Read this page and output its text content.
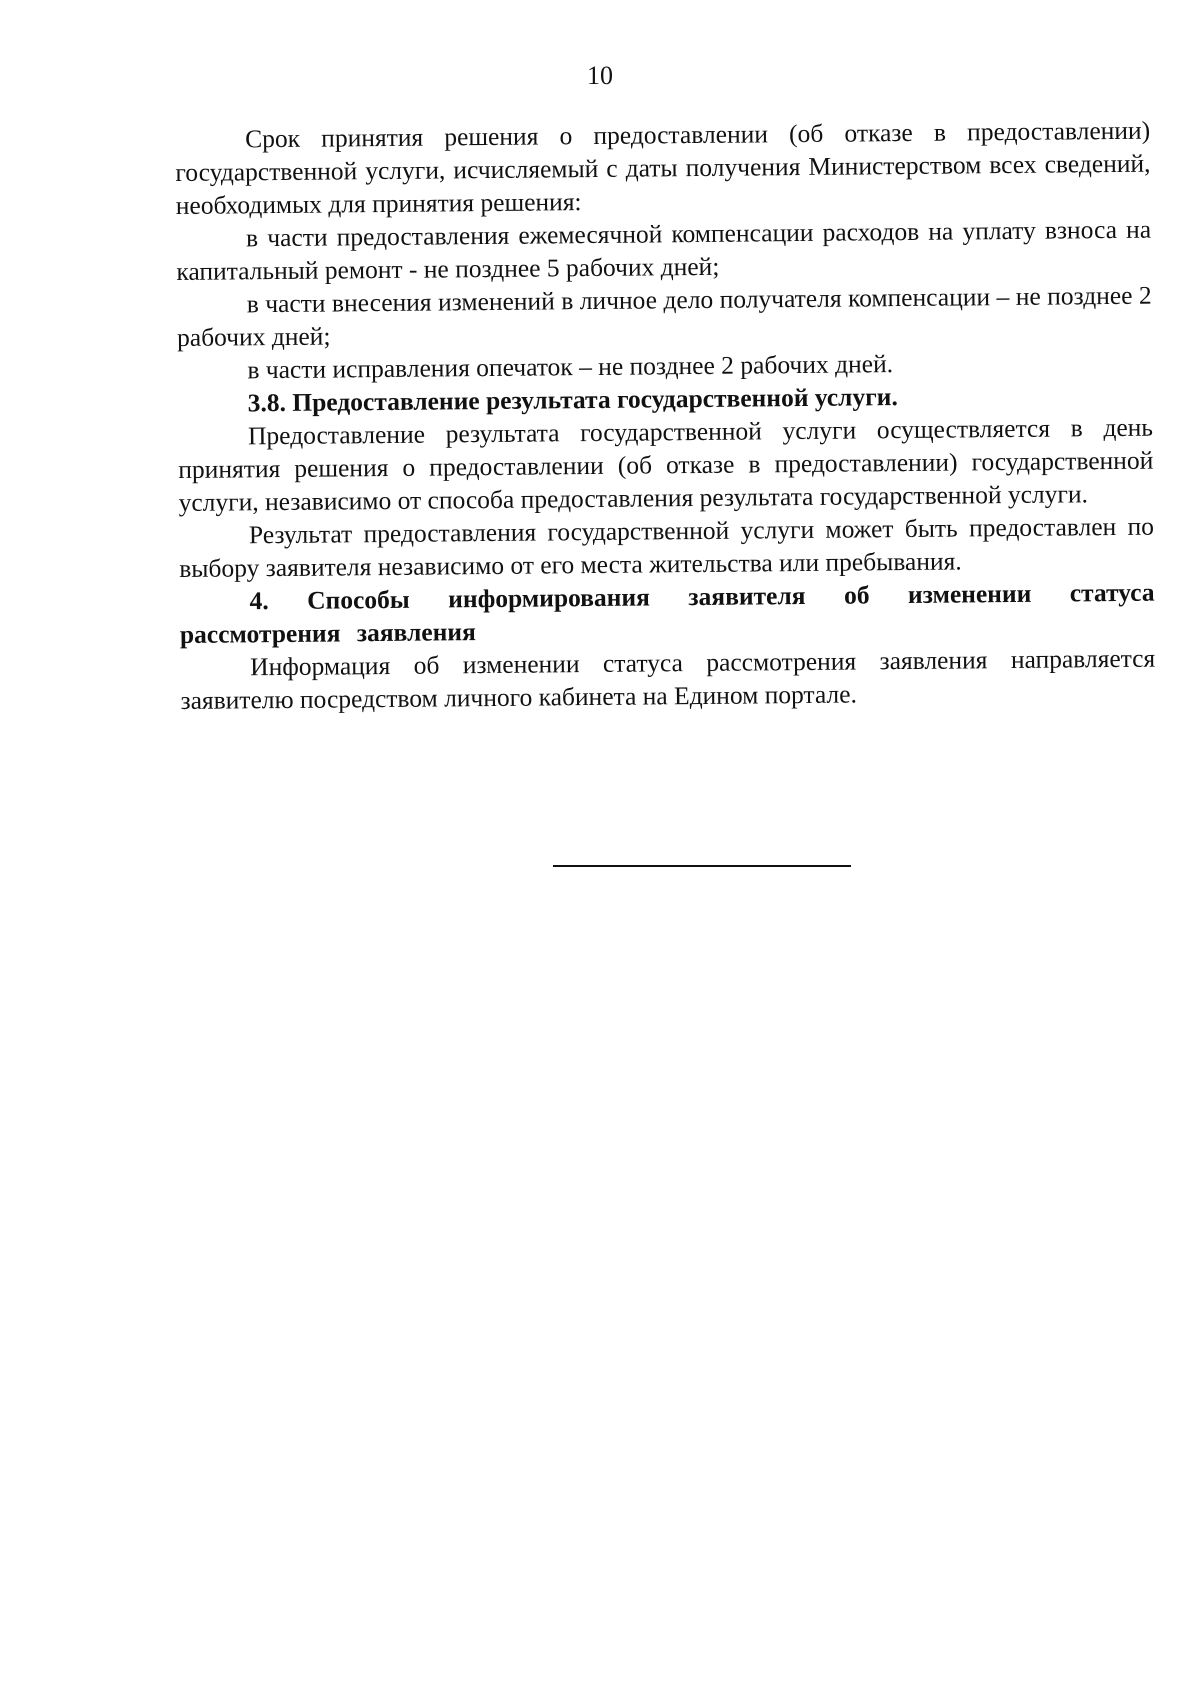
10

Срок принятия решения о предоставлении (об отказе в предоставлении) государственной услуги, исчисляемый с даты получения Министерством всех сведений, необходимых для принятия решения:

в части предоставления ежемесячной компенсации расходов на уплату взноса на капитальный ремонт - не позднее 5 рабочих дней;

в части внесения изменений в личное дело получателя компенсации – не позднее 2 рабочих дней;

в части исправления опечаток – не позднее 2 рабочих дней.

3.8. Предоставление результата государственной услуги.

Предоставление результата государственной услуги осуществляется в день принятия решения о предоставлении (об отказе в предоставлении) государственной услуги, независимо от способа предоставления результата государственной услуги.

Результат предоставления государственной услуги может быть предоставлен по выбору заявителя независимо от его места жительства или пребывания.

4. Способы информирования заявителя об изменении статуса рассмотрения заявления

Информация об изменении статуса рассмотрения заявления направляется заявителю посредством личного кабинета на Едином портале.
